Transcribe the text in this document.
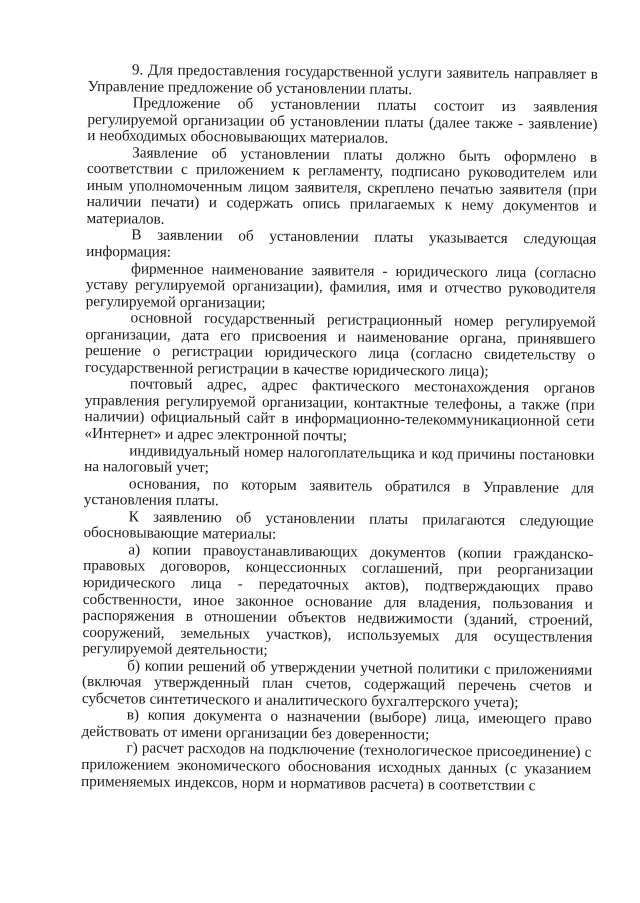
9. Для предоставления государственной услуги заявитель направляет в Управление предложение об установлении платы.

Предложение об установлении платы состоит из заявления регулируемой организации об установлении платы (далее также - заявление) и необходимых обосновывающих материалов.

Заявление об установлении платы должно быть оформлено в соответствии с приложением к регламенту, подписано руководителем или иным уполномоченным лицом заявителя, скреплено печатью заявителя (при наличии печати) и содержать опись прилагаемых к нему документов и материалов.

В заявлении об установлении платы указывается следующая информация:

фирменное наименование заявителя - юридического лица (согласно уставу регулируемой организации), фамилия, имя и отчество руководителя регулируемой организации;

основной государственный регистрационный номер регулируемой организации, дата его присвоения и наименование органа, принявшего решение о регистрации юридического лица (согласно свидетельству о государственной регистрации в качестве юридического лица);

почтовый адрес, адрес фактического местонахождения органов управления регулируемой организации, контактные телефоны, а также (при наличии) официальный сайт в информационно-телекоммуникационной сети «Интернет» и адрес электронной почты;

индивидуальный номер налогоплательщика и код причины постановки на налоговый учет;

основания, по которым заявитель обратился в Управление для установления платы.

К заявлению об установлении платы прилагаются следующие обосновывающие материалы:

а) копии правоустанавливающих документов (копии гражданско-правовых договоров, концессионных соглашений, при реорганизации юридического лица - передаточных актов), подтверждающих право собственности, иное законное основание для владения, пользования и распоряжения в отношении объектов недвижимости (зданий, строений, сооружений, земельных участков), используемых для осуществления регулируемой деятельности;

б) копии решений об утверждении учетной политики с приложениями (включая утвержденный план счетов, содержащий перечень счетов и субсчетов синтетического и аналитического бухгалтерского учета);

в) копия документа о назначении (выборе) лица, имеющего право действовать от имени организации без доверенности;

г) расчет расходов на подключение (технологическое присоединение) с приложением экономического обоснования исходных данных (с указанием применяемых индексов, норм и нормативов расчета) в соответствии с
